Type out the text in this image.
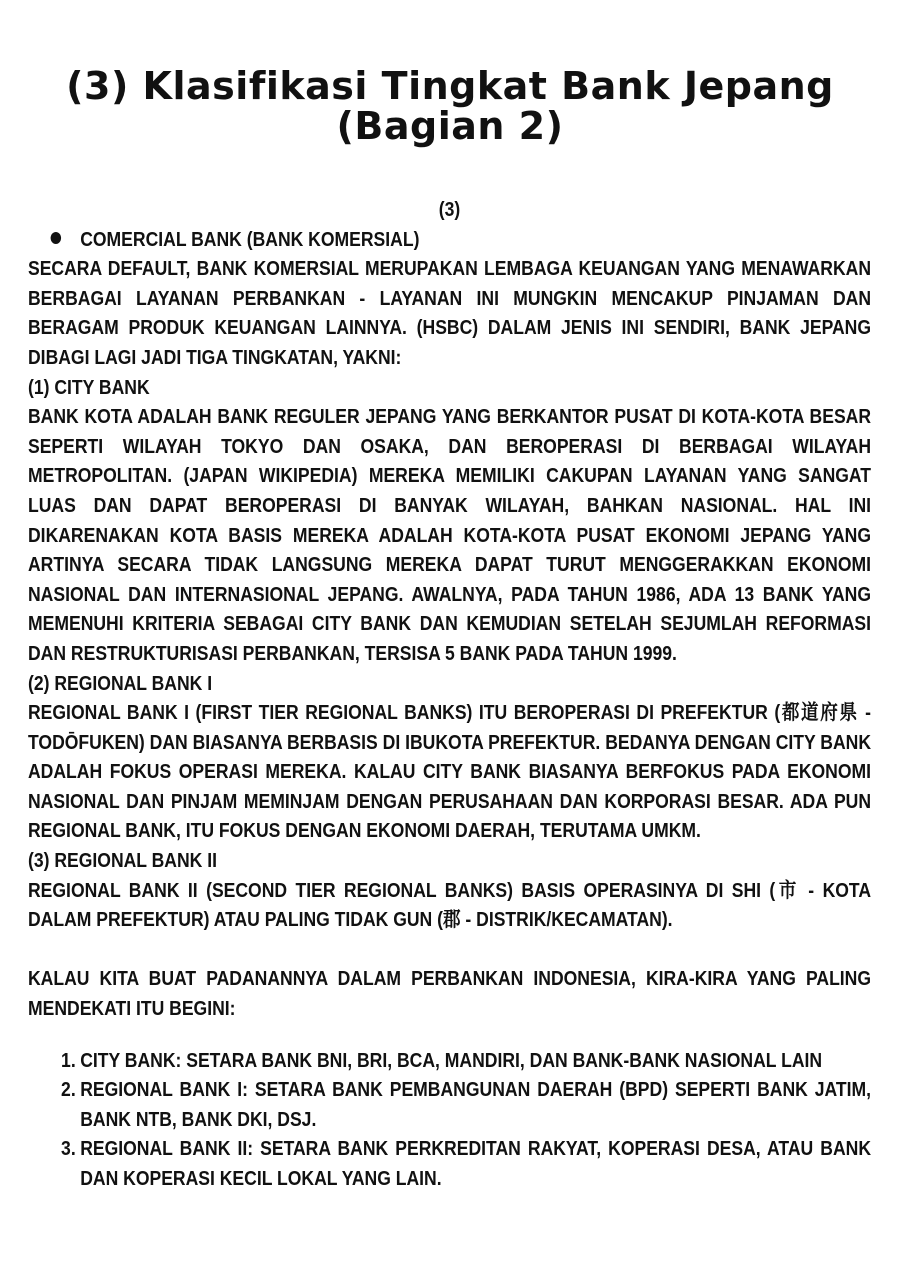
(3) Klasifikasi Tingkat Bank Jepang
(Bagian 2)
(3)
COMERCIAL BANK (BANK KOMERSIAL)

SECARA DEFAULT, BANK KOMERSIAL MERUPAKAN LEMBAGA KEUANGAN YANG MENAWARKAN BERBAGAI LAYANAN PERBANKAN - LAYANAN INI MUNGKIN MENCAKUP PINJAMAN DAN BERAGAM PRODUK KEUANGAN LAINNYA. (HSBC) DALAM JENIS INI SENDIRI, BANK JEPANG DIBAGI LAGI JADI TIGA TINGKATAN, YAKNI:

(1) CITY BANK

BANK KOTA ADALAH BANK REGULER JEPANG YANG BERKANTOR PUSAT DI KOTA-KOTA BESAR SEPERTI WILAYAH TOKYO DAN OSAKA, DAN BEROPERASI DI BERBAGAI WILAYAH METROPOLITAN. (JAPAN WIKIPEDIA) MEREKA MEMILIKI CAKUPAN LAYANAN YANG SANGAT LUAS DAN DAPAT BEROPERASI DI BANYAK WILAYAH, BAHKAN NASIONAL. HAL INI DIKARENAKAN KOTA BASIS MEREKA ADALAH KOTA-KOTA PUSAT EKONOMI JEPANG YANG ARTINYA SECARA TIDAK LANGSUNG MEREKA DAPAT TURUT MENGGERAKKAN EKONOMI NASIONAL DAN INTERNASIONAL JEPANG. AWALNYA, PADA TAHUN 1986, ADA 13 BANK YANG MEMENUHI KRITERIA SEBAGAI CITY BANK DAN KEMUDIAN SETELAH SEJUMLAH REFORMASI DAN RESTRUKTURISASI PERBANKAN, TERSISA 5 BANK PADA TAHUN 1999.

(2) REGIONAL BANK I

REGIONAL BANK I (FIRST TIER REGIONAL BANKS) ITU BEROPERASI DI PREFEKTUR (都道府県 - TODŌFUKEN) DAN BIASANYA BERBASIS DI IBUKOTA PREFEKTUR. BEDANYA DENGAN CITY BANK ADALAH FOKUS OPERASI MEREKA. KALAU CITY BANK BIASANYA BERFOKUS PADA EKONOMI NASIONAL DAN PINJAM MEMINJAM DENGAN PERUSAHAAN DAN KORPORASI BESAR. ADA PUN REGIONAL BANK, ITU FOKUS DENGAN EKONOMI DAERAH, TERUTAMA UMKM.

(3) REGIONAL BANK II

REGIONAL BANK II (SECOND TIER REGIONAL BANKS) BASIS OPERASINYA DI SHI (市 - KOTA DALAM PREFEKTUR) ATAU PALING TIDAK GUN (郡 - DISTRIK/KECAMATAN).

KALAU KITA BUAT PADANANNYA DALAM PERBANKAN INDONESIA, KIRA-KIRA YANG PALING MENDEKATI ITU BEGINI:

1. CITY BANK: SETARA BANK BNI, BRI, BCA, MANDIRI, DAN BANK-BANK NASIONAL LAIN
2. REGIONAL BANK I: SETARA BANK PEMBANGUNAN DAERAH (BPD) SEPERTI BANK JATIM, BANK NTB, BANK DKI, DSJ.
3. REGIONAL BANK II: SETARA BANK PERKREDITAN RAKYAT, KOPERASI DESA, ATAU BANK DAN KOPERASI KECIL LOKAL YANG LAIN.
